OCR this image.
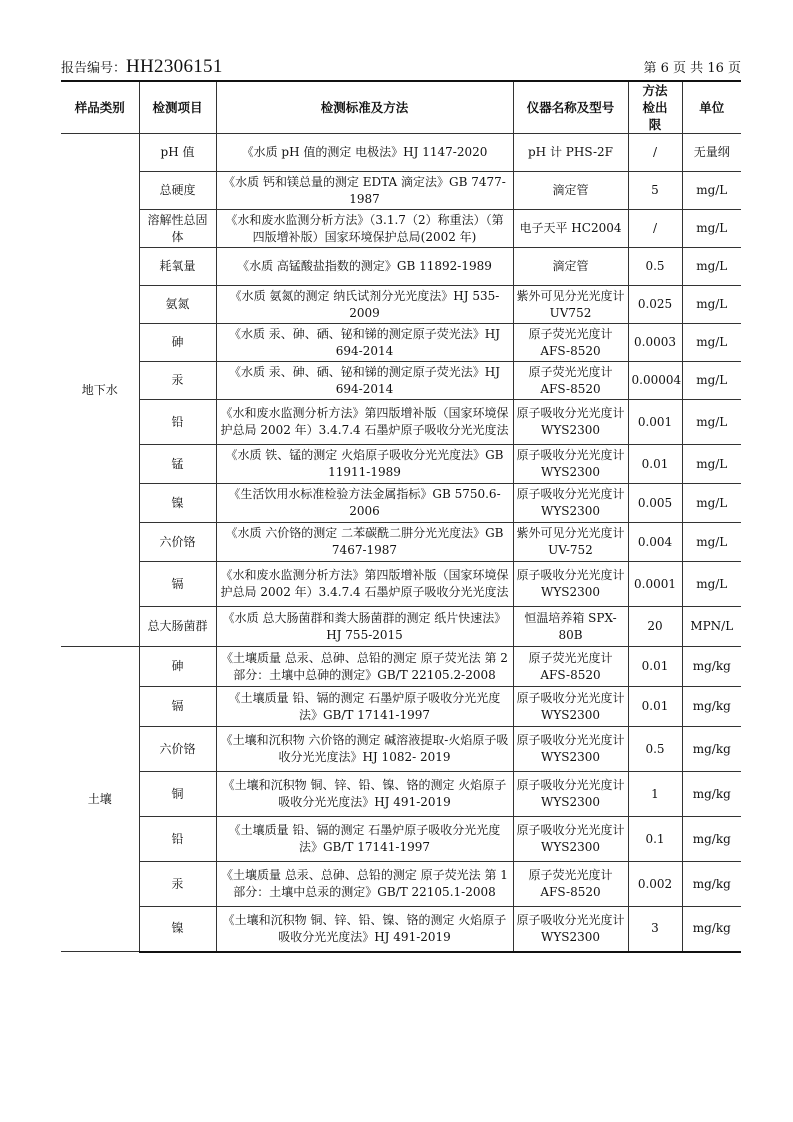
报告编号：HH2306151	第 6 页 共 16 页
样品类别	检测项目	检测标准及方法	仪器名称及型号	方法检出限	单位
地下水	pH 值	《水质 pH 值的测定 电极法》HJ 1147-2020	pH 计 PHS-2F	/	无量纲
	总硬度	《水质 钙和镁总量的测定 EDTA 滴定法》GB 7477-1987	滴定管	5	mg/L
	溶解性总固体	《水和废水监测分析方法》（3.1.7（2）称重法）（第四版增补版）国家环境保护总局(2002 年)	电子天平 HC2004	/	mg/L
	耗氧量	《水质 高锰酸盐指数的测定》GB 11892-1989	滴定管	0.5	mg/L
	氨氮	《水质 氨氮的测定 纳氏试剂分光光度法》HJ 535-2009	紫外可见分光光度计 UV752	0.025	mg/L
	砷	《水质 汞、砷、硒、铋和锑的测定原子荧光法》HJ 694-2014	原子荧光光度计 AFS-8520	0.0003	mg/L
	汞	《水质 汞、砷、硒、铋和锑的测定原子荧光法》HJ 694-2014	原子荧光光度计 AFS-8520	0.00004	mg/L
	铅	《水和废水监测分析方法》第四版增补版（国家环境保护总局 2002 年）3.4.7.4 石墨炉原子吸收分光光度法	原子吸收分光光度计 WYS2300	0.001	mg/L
	锰	《水质 铁、锰的测定 火焰原子吸收分光光度法》GB 11911-1989	原子吸收分光光度计 WYS2300	0.01	mg/L
	镍	《生活饮用水标准检验方法金属指标》GB 5750.6-2006	原子吸收分光光度计 WYS2300	0.005	mg/L
	六价铬	《水质 六价铬的测定 二苯碳酰二肼分光光度法》GB 7467-1987	紫外可见分光光度计 UV-752	0.004	mg/L
	镉	《水和废水监测分析方法》第四版增补版（国家环境保护总局 2002 年）3.4.7.4 石墨炉原子吸收分光光度法	原子吸收分光光度计 WYS2300	0.0001	mg/L
	总大肠菌群	《水质 总大肠菌群和粪大肠菌群的测定 纸片快速法》HJ 755-2015	恒温培养箱 SPX-80B	20	MPN/L
土壤	砷	《土壤质量 总汞、总砷、总铅的测定 原子荧光法 第 2 部分：土壤中总砷的测定》GB/T 22105.2-2008	原子荧光光度计 AFS-8520	0.01	mg/kg
	镉	《土壤质量 铅、镉的测定 石墨炉原子吸收分光光度法》GB/T 17141-1997	原子吸收分光光度计 WYS2300	0.01	mg/kg
	六价铬	《土壤和沉积物 六价铬的测定 碱溶液提取-火焰原子吸收分光光度法》HJ 1082- 2019	原子吸收分光光度计 WYS2300	0.5	mg/kg
	铜	《土壤和沉积物 铜、锌、铅、镍、铬的测定 火焰原子吸收分光光度法》HJ 491-2019	原子吸收分光光度计 WYS2300	1	mg/kg
	铅	《土壤质量 铅、镉的测定 石墨炉原子吸收分光光度法》GB/T 17141-1997	原子吸收分光光度计 WYS2300	0.1	mg/kg
	汞	《土壤质量 总汞、总砷、总铅的测定 原子荧光法 第 1 部分：土壤中总汞的测定》GB/T 22105.1-2008	原子荧光光度计 AFS-8520	0.002	mg/kg
	镍	《土壤和沉积物 铜、锌、铅、镍、铬的测定 火焰原子吸收分光光度法》HJ 491-2019	原子吸收分光光度计 WYS2300	3	mg/kg
